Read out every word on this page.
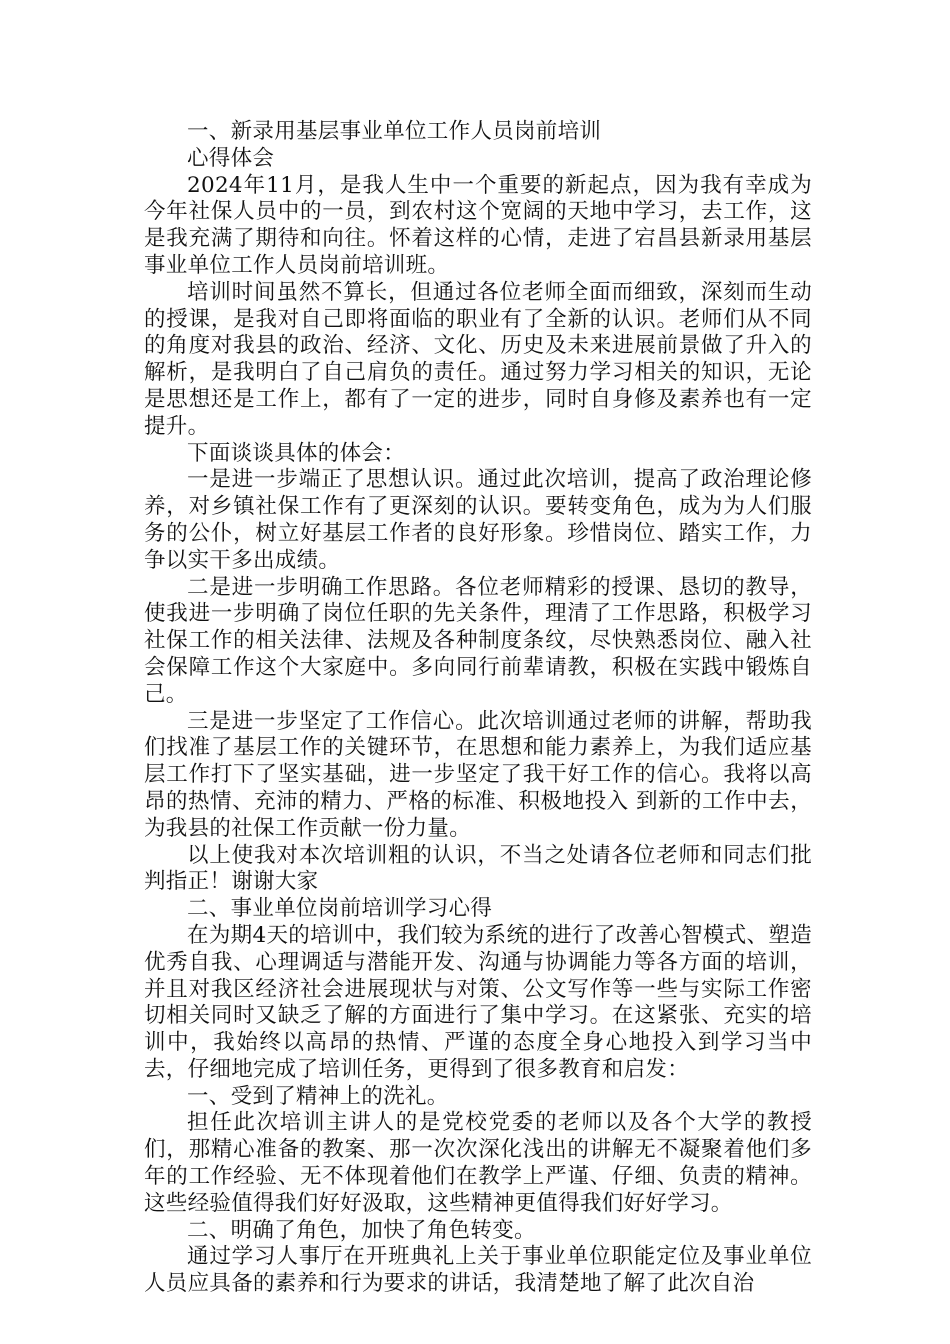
一、新录用基层事业单位工作人员岗前培训

心得体会

2024年11月，是我人生中一个重要的新起点，因为我有幸成为今年社保人员中的一员，到农村这个宽阔的天地中学习，去工作，这是我充满了期待和向往。怀着这样的心情，走进了宕昌县新录用基层事业单位工作人员岗前培训班。

培训时间虽然不算长，但通过各位老师全面而细致，深刻而生动的授课，是我对自己即将面临的职业有了全新的认识。老师们从不同的角度对我县的政治、经济、文化、历史及未来进展前景做了升入的解析，是我明白了自己肩负的责任。通过努力学习相关的知识，无论是思想还是工作上，都有了一定的进步，同时自身修及素养也有一定提升。

下面谈谈具体的体会：

一是进一步端正了思想认识。通过此次培训，提高了政治理论修养，对乡镇社保工作有了更深刻的认识。要转变角色，成为为人们服务的公仆，树立好基层工作者的良好形象。珍惜岗位、踏实工作，力争以实干多出成绩。

二是进一步明确工作思路。各位老师精彩的授课、恳切的教导，使我进一步明确了岗位任职的先关条件，理清了工作思路，积极学习社保工作的相关法律、法规及各种制度条纹，尽快熟悉岗位、融入社会保障工作这个大家庭中。多向同行前辈请教，积极在实践中锻炼自己。

三是进一步坚定了工作信心。此次培训通过老师的讲解，帮助我们找准了基层工作的关键环节，在思想和能力素养上，为我们适应基层工作打下了坚实基础，进一步坚定了我干好工作的信心。我将以高昂的热情、充沛的精力、严格的标准、积极地投入 到新的工作中去，为我县的社保工作贡献一份力量。

以上使我对本次培训粗的认识，不当之处请各位老师和同志们批判指正！谢谢大家

二、事业单位岗前培训学习心得

在为期4天的培训中，我们较为系统的进行了改善心智模式、塑造优秀自我、心理调适与潜能开发、沟通与协调能力等各方面的培训，并且对我区经济社会进展现状与对策、公文写作等一些与实际工作密切相关同时又缺乏了解的方面进行了集中学习。在这紧张、充实的培训中，我始终以高昂的热情、严谨的态度全身心地投入到学习当中去，仔细地完成了培训任务，更得到了很多教育和启发：

一、受到了精神上的洗礼。

担任此次培训主讲人的是党校党委的老师以及各个大学的教授们，那精心准备的教案、那一次次深化浅出的讲解无不凝聚着他们多年的工作经验、无不体现着他们在教学上严谨、仔细、负责的精神。这些经验值得我们好好汲取，这些精神更值得我们好好学习。

二、明确了角色，加快了角色转变。

通过学习人事厅在开班典礼上关于事业单位职能定位及事业单位人员应具备的素养和行为要求的讲话，我清楚地了解了此次自治
